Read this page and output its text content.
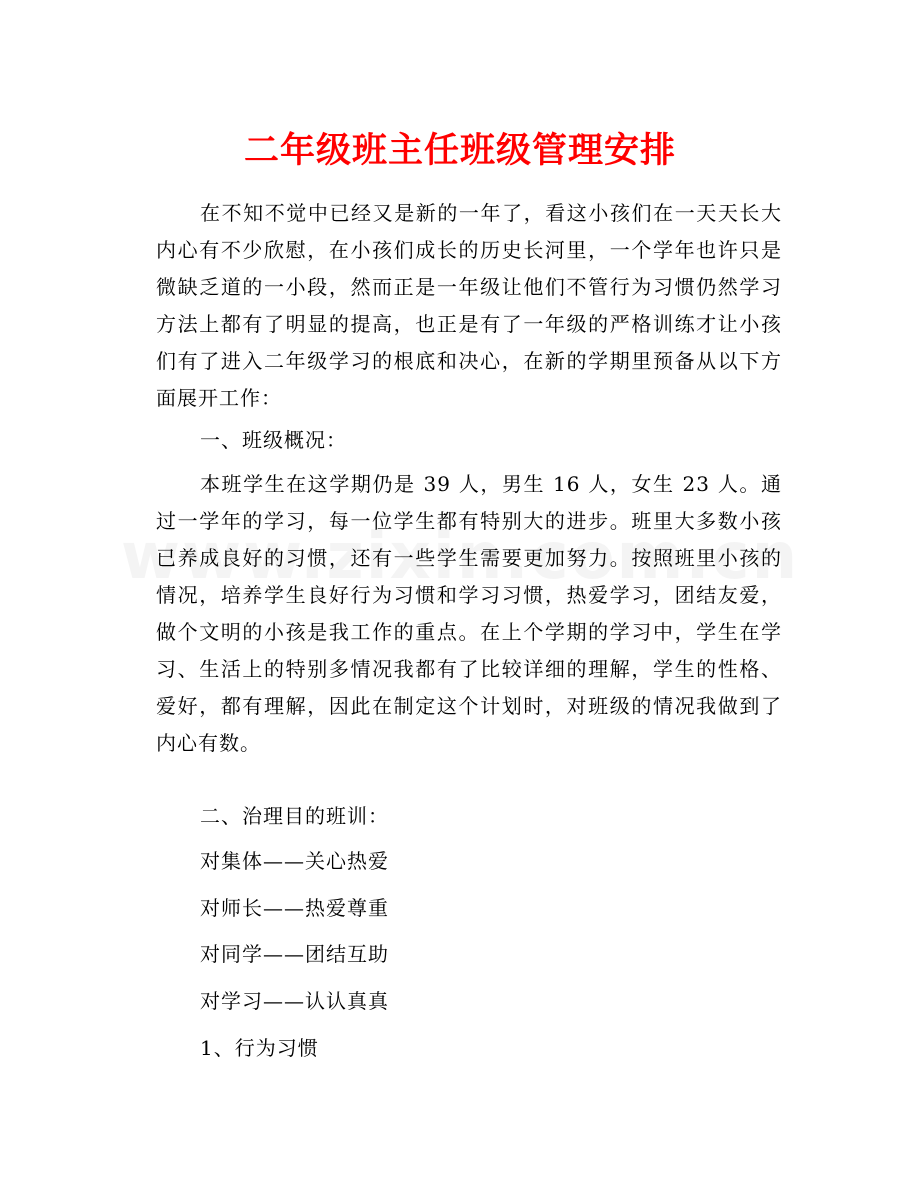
二年级班主任班级管理安排
在不知不觉中已经又是新的一年了，看这小孩们在一天天长大内心有不少欣慰，在小孩们成长的历史长河里，一个学年也许只是微缺乏道的一小段，然而正是一年级让他们不管行为习惯仍然学习方法上都有了明显的提高，也正是有了一年级的严格训练才让小孩们有了进入二年级学习的根底和决心，在新的学期里预备从以下方面展开工作：
一、班级概况：
本班学生在这学期仍是 39 人，男生 16 人，女生 23 人。通过一学年的学习，每一位学生都有特别大的进步。班里大多数小孩已养成良好的习惯，还有一些学生需要更加努力。按照班里小孩的情况，培养学生良好行为习惯和学习习惯，热爱学习，团结友爱，做个文明的小孩是我工作的重点。在上个学期的学习中，学生在学习、生活上的特别多情况我都有了比较详细的理解，学生的性格、爱好，都有理解，因此在制定这个计划时，对班级的情况我做到了内心有数。
二、治理目的班训：
对集体——关心热爱
对师长——热爱尊重
对同学——团结互助
对学习——认认真真
1、行为习惯
